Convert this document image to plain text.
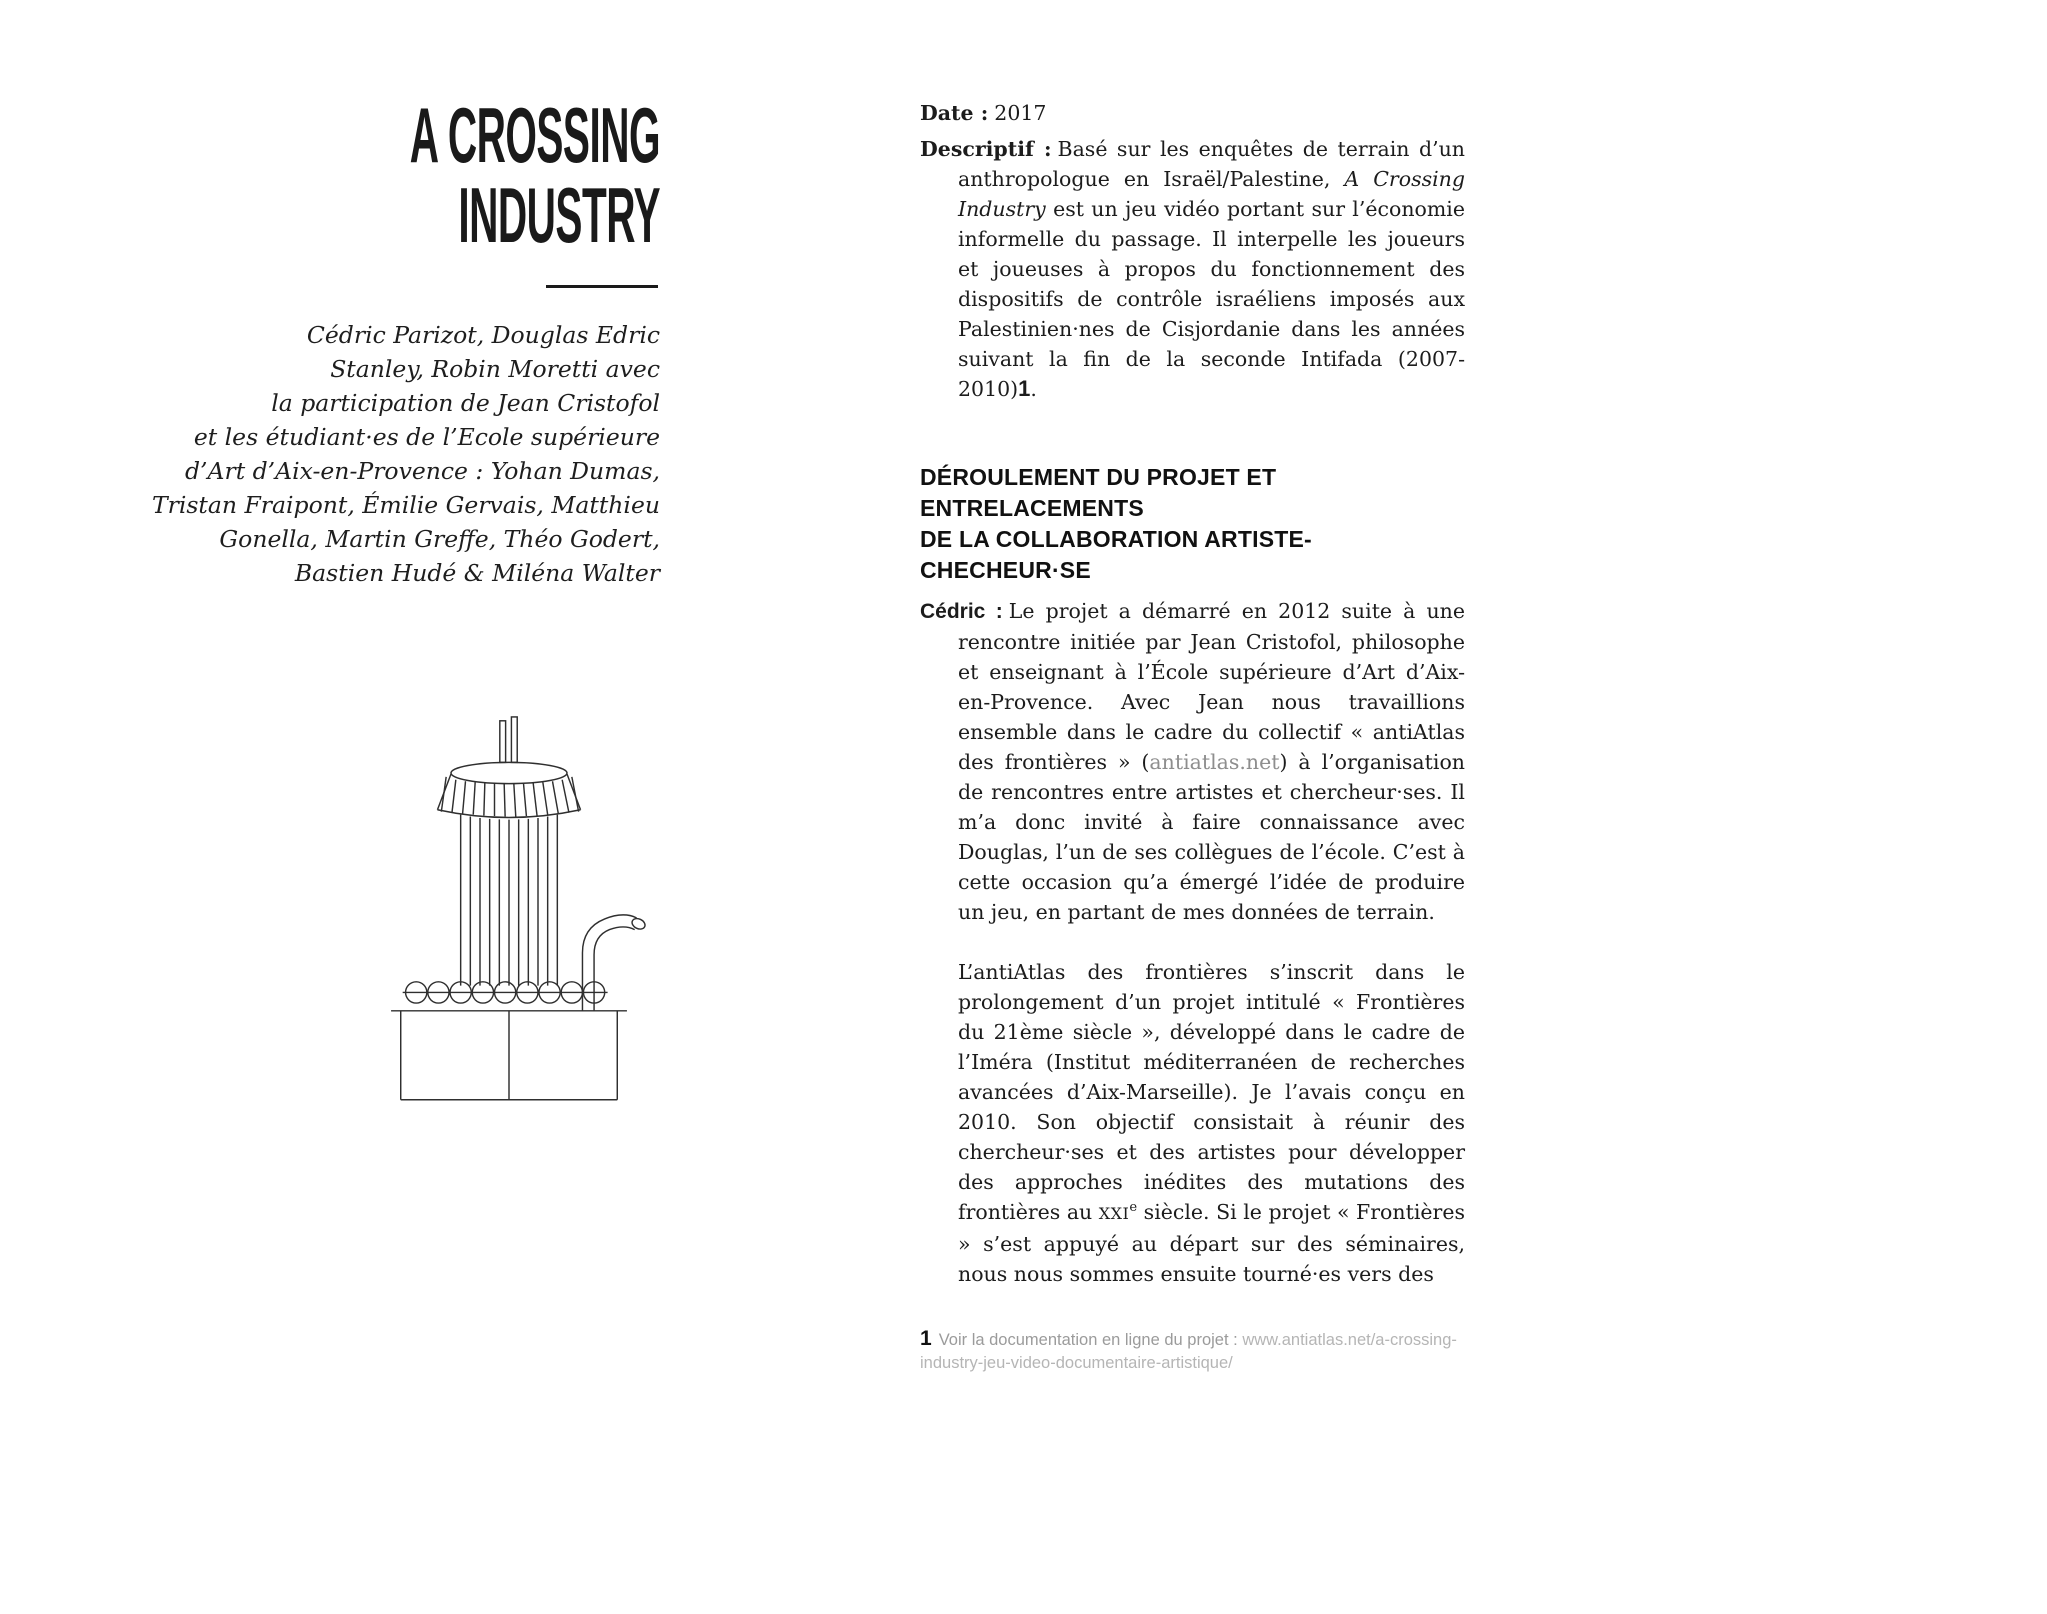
A CROSSING
INDUSTRY
Cédric Parizot, Douglas Edric
Stanley, Robin Moretti avec
la participation de Jean Cristofol
et les étudiant·es de l’Ecole supérieure
d’Art d’Aix-en-Provence : Yohan Dumas,
Tristan Fraipont, Émilie Gervais, Matthieu
Gonella, Martin Greffe, Théo Godert,
Bastien Hudé & Miléna Walter

Date : 2017

Descriptif : Basé sur les enquêtes de terrain d’un anthropologue en Israël/Palestine, A Crossing Industry est un jeu vidéo portant sur l’économie informelle du passage. Il interpelle les joueurs et joueuses à propos du fonctionnement des dispositifs de contrôle israéliens imposés aux Palestinien·nes de Cisjordanie dans les années suivant la fin de la seconde Intifada (2007-2010)1.

DÉROULEMENT DU PROJET ET ENTRELACEMENTS
DE LA COLLABORATION ARTISTE-CHECHEUR·SE

Cédric : Le projet a démarré en 2012 suite à une rencontre initiée par Jean Cristofol, philosophe et enseignant à l’École supérieure d’Art d’Aix-en-Provence. Avec Jean nous travaillions ensemble dans le cadre du collectif « antiAtlas des frontières » (antiatlas.net) à l’organisation de rencontres entre artistes et chercheur·ses. Il m’a donc invité à faire connaissance avec Douglas, l’un de ses collègues de l’école. C’est à cette occasion qu’a émergé l’idée de produire un jeu, en partant de mes données de terrain.

L’antiAtlas des frontières s’inscrit dans le prolongement d’un projet intitulé « Frontières du 21ème siècle », développé dans le cadre de l’Iméra (Institut méditerranéen de recherches avancées d’Aix-Marseille). Je l’avais conçu en 2010. Son objectif consistait à réunir des chercheur·ses et des artistes pour développer des approches inédites des mutations des frontières au XXIe siècle. Si le projet « Frontières » s’est appuyé au départ sur des séminaires, nous nous sommes ensuite tourné·es vers des

1 Voir la documentation en ligne du projet : www.antiatlas.net/a-crossing-industry-jeu-video-documentaire-artistique/
